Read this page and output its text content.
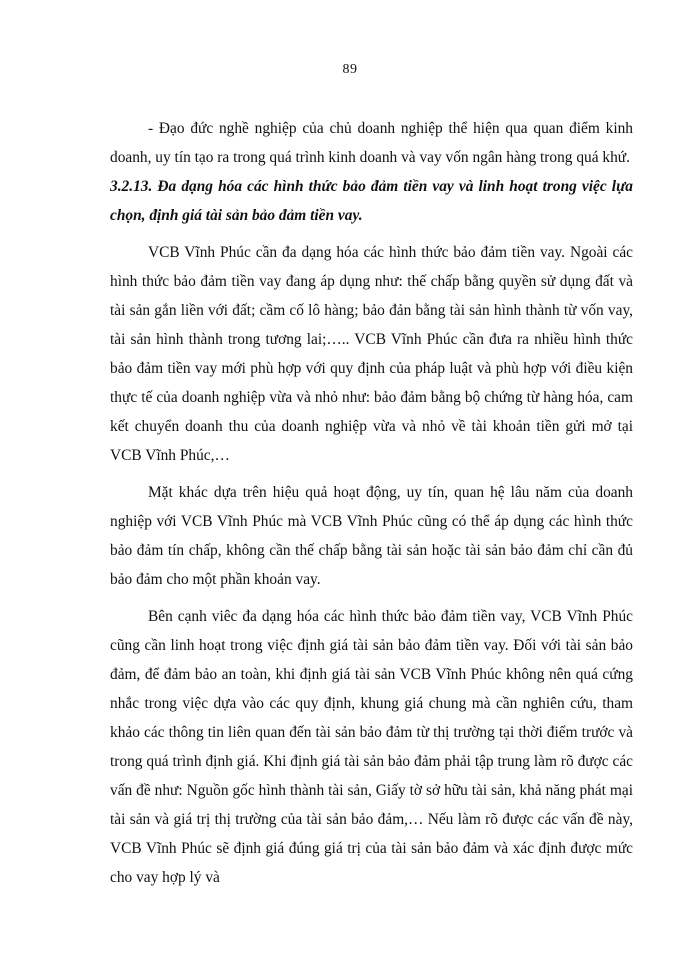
89

- Đạo đức nghề nghiệp của chủ doanh nghiệp thể hiện qua quan điểm kinh doanh, uy tín tạo ra trong quá trình kinh doanh và vay vốn ngân hàng trong quá khứ.

3.2.13. Đa dạng hóa các hình thức bảo đảm tiền vay và linh hoạt trong việc lựa chọn, định giá tài sản bảo đảm tiền vay.

VCB Vĩnh Phúc cần đa dạng hóa các hình thức bảo đảm tiền vay. Ngoài các hình thức bảo đảm tiền vay đang áp dụng như: thế chấp bằng quyền sử dụng đất và tài sản gắn liền với đất; cầm cố lô hàng; bảo đản bằng tài sản hình thành từ vốn vay, tài sản hình thành trong tương lai;….. VCB Vĩnh Phúc cần đưa ra nhiều hình thức bảo đảm tiền vay mới phù hợp với quy định của pháp luật và phù hợp với điều kiện thực tế của doanh nghiệp vừa và nhỏ như: bảo đảm bằng bộ chứng từ hàng hóa, cam kết chuyển doanh thu của doanh nghiệp vừa và nhỏ về tài khoản tiền gửi mở tại VCB Vĩnh Phúc,…

Mặt khác dựa trên hiệu quả hoạt động, uy tín, quan hệ lâu năm của doanh nghiệp với VCB Vĩnh Phúc mà VCB Vĩnh Phúc cũng có thể áp dụng các hình thức bảo đảm tín chấp, không cần thế chấp bằng tài sản hoặc tài sản bảo đảm chỉ cần đủ bảo đảm cho một phần khoản vay.

Bên cạnh viêc đa dạng hóa các hình thức bảo đảm tiền vay, VCB Vĩnh Phúc cũng cần linh hoạt trong việc định giá tài sản bảo đảm tiền vay. Đối với tài sản bảo đảm, để đảm bảo an toàn, khi định giá tài sản VCB Vĩnh Phúc không nên quá cứng nhắc trong việc dựa vào các quy định, khung giá chung mà cần nghiên cứu, tham khảo các thông tin liên quan đến tài sản bảo đảm từ thị trường tại thời điểm trước và trong quá trình định giá. Khi định giá tài sản bảo đảm phải tập trung làm rõ được các vấn đề như: Nguồn gốc hình thành tài sản, Giấy tờ sở hữu tài sản, khả năng phát mại tài sản và giá trị thị trường của tài sản bảo đảm,… Nếu làm rõ được các vấn đề này, VCB Vĩnh Phúc sẽ định giá đúng giá trị của tài sản bảo đảm và xác định được mức cho vay hợp lý và
